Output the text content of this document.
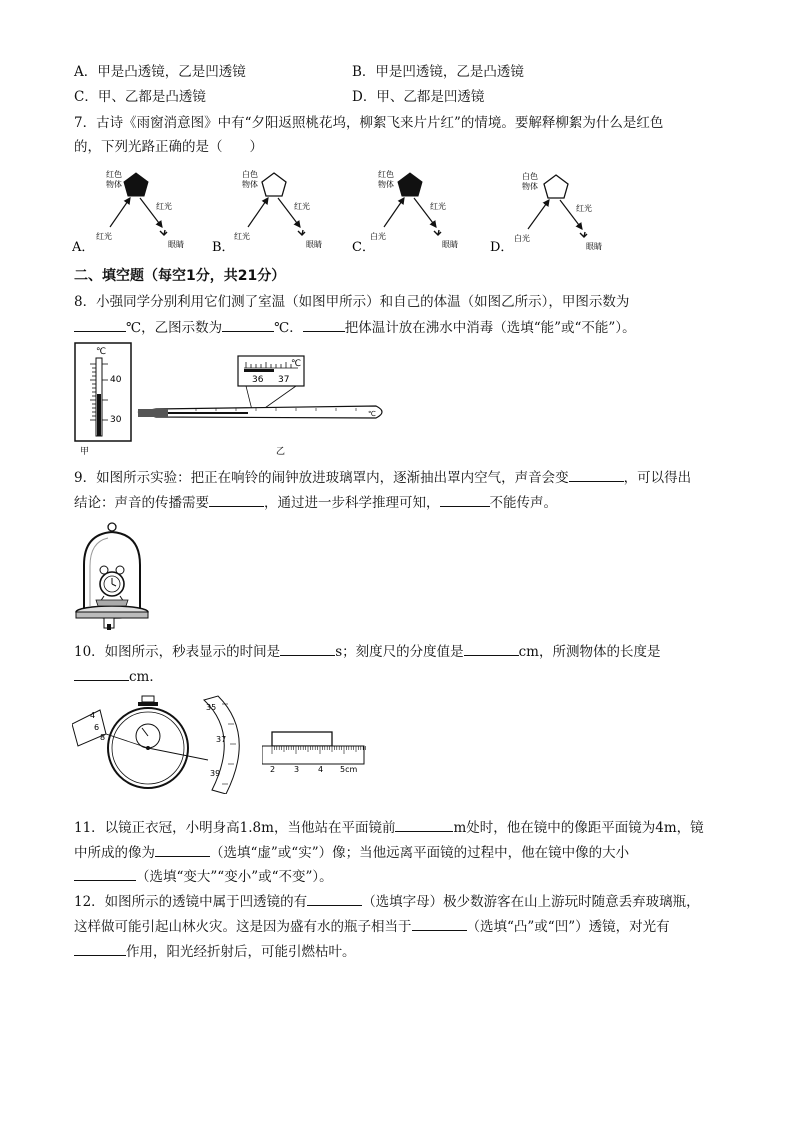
A．甲是凸透镜，乙是凹透镜	B．甲是凹透镜，乙是凸透镜
C．甲、乙都是凸透镜	D．甲、乙都是凹透镜
7．古诗《雨窗消意图》中有“夕阳返照桃花坞，柳絮飞来片片红”的情境。要解释柳絮为什么是红色
的，下列光路正确的是（　　）
A．
红色
物体
红光
红光
眼睛 B．
白色
物体
红光
红光
眼睛 C．
红色
物体
白光
红光
眼睛 D．
白色
物体
白光
红光
眼睛
二、填空题（每空1分，共21分）
8．小强同学分别利用它们测了室温（如图甲所示）和自己的体温（如图乙所示），甲图示数为
℃，乙图示数为	℃．	把体温计放在沸水中消毒（选填“能”或“不能”）。
℃
40
30
甲
36 37
℃
℃
乙
9．如图所示实验：把正在响铃的闹钟放进玻璃罩内，逐渐抽出罩内空气，声音会变	，可以得出
结论：声音的传播需要	，通过进一步科学推理可知，	不能传声。
10．如图所示，秒表显示的时间是	s；刻度尺的分度值是	cm，所测物体的长度是
cm．
4
6
8
35
37
39	2 3 4 5cm
11．以镜正衣冠，小明身高1.8m，当他站在平面镜前	m处时，他在镜中的像距平面镜为4m，镜
中所成的像为	（选填“虚”或“实”）像；当他远离平面镜的过程中，他在镜中像的大小
（选填“变大”“变小”或“不变”）。
12．如图所示的透镜中属于凹透镜的有	（选填字母）极少数游客在山上游玩时随意丢弃玻璃瓶，
这样做可能引起山林火灾。这是因为盛有水的瓶子相当于	（选填“凸”或“凹”）透镜，对光有
作用，阳光经折射后，可能引燃枯叶。
